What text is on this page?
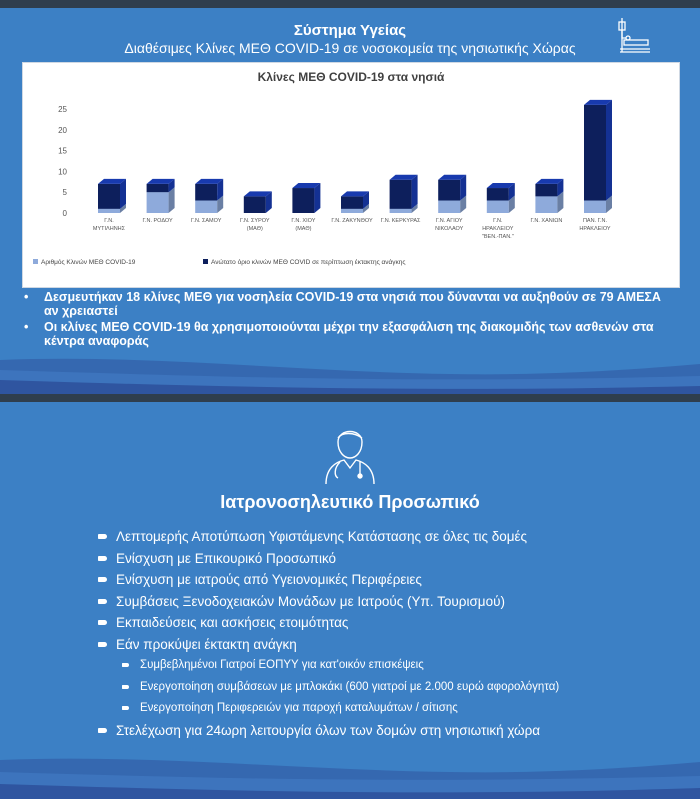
Σύστημα Υγείας
Διαθέσιμες Κλίνες ΜΕΘ COVID-19 σε νοσοκομεία της νησιωτικής Χώρας
Κλίνες ΜΕΘ COVID-19 στα νησιά
0
5
10
15
20
25
Γ.Ν.
ΜΥΤΙΛΗΝΗΣ
Γ.Ν. ΡΟΔΟΥ	Γ.Ν. ΣΑΜΟΥ	Γ.Ν. ΣΥΡΟΥ
(ΜΑΘ)
Γ.Ν. ΧΙΟΥ
(ΜΑΘ)
Γ.Ν. ΖΑΚΥΝΘΟΥ Γ.Ν. ΚΕΡΚΥΡΑΣ	Γ.Ν. ΑΓΙΟΥ
ΝΙΚΟΛΑΟΥ
Γ.Ν.
ΗΡΑΚΛΕΙΟΥ
"ΒΕΝ.-ΠΑΝ."
Γ.Ν. ΧΑΝΙΩΝ	ΠΑΝ. Γ.Ν.
ΗΡΑΚΛΕΙΟΥ
Αριθμός Κλινών ΜΕΘ COVID-19	Ανώτατο όριο κλινών ΜΕΘ COVID σε περίπτωση έκτακτης ανάγκης
•	Δεσμευτήκαν 18 κλίνες ΜΕΘ για νοσηλεία COVID-19 στα νησιά που δύνανται να αυξηθούν σε 79 ΑΜΕΣΑ αν χρειαστεί
•	Οι κλίνες ΜΕΘ COVID-19 θα χρησιμοποιούνται μέχρι την εξασφάλιση της διακομιδής των ασθενών στα κέντρα αναφοράς
Ιατρονοσηλευτικό Προσωπικό
Λεπτομερής Αποτύπωση Υφιστάμενης Κατάστασης σε όλες τις δομές
Ενίσχυση με Επικουρικό Προσωπικό
Ενίσχυση με ιατρούς από Υγειονομικές Περιφέρειες
Συμβάσεις Ξενοδοχειακών Μονάδων με Ιατρούς (Υπ. Τουρισμού)
Εκπαιδεύσεις και ασκήσεις ετοιμότητας
Εάν προκύψει έκτακτη ανάγκη
Συμβεβλημένοι Γιατροί ΕΟΠΥΥ για κατ'οικόν επισκέψεις
Ενεργοποίηση συμβάσεων με μπλοκάκι (600 γιατροί με 2.000 ευρώ αφορολόγητα)
Ενεργοποίηση Περιφερειών για παροχή καταλυμάτων / σίτισης
Στελέχωση για 24ωρη λειτουργία όλων των δομών στη νησιωτική χώρα
